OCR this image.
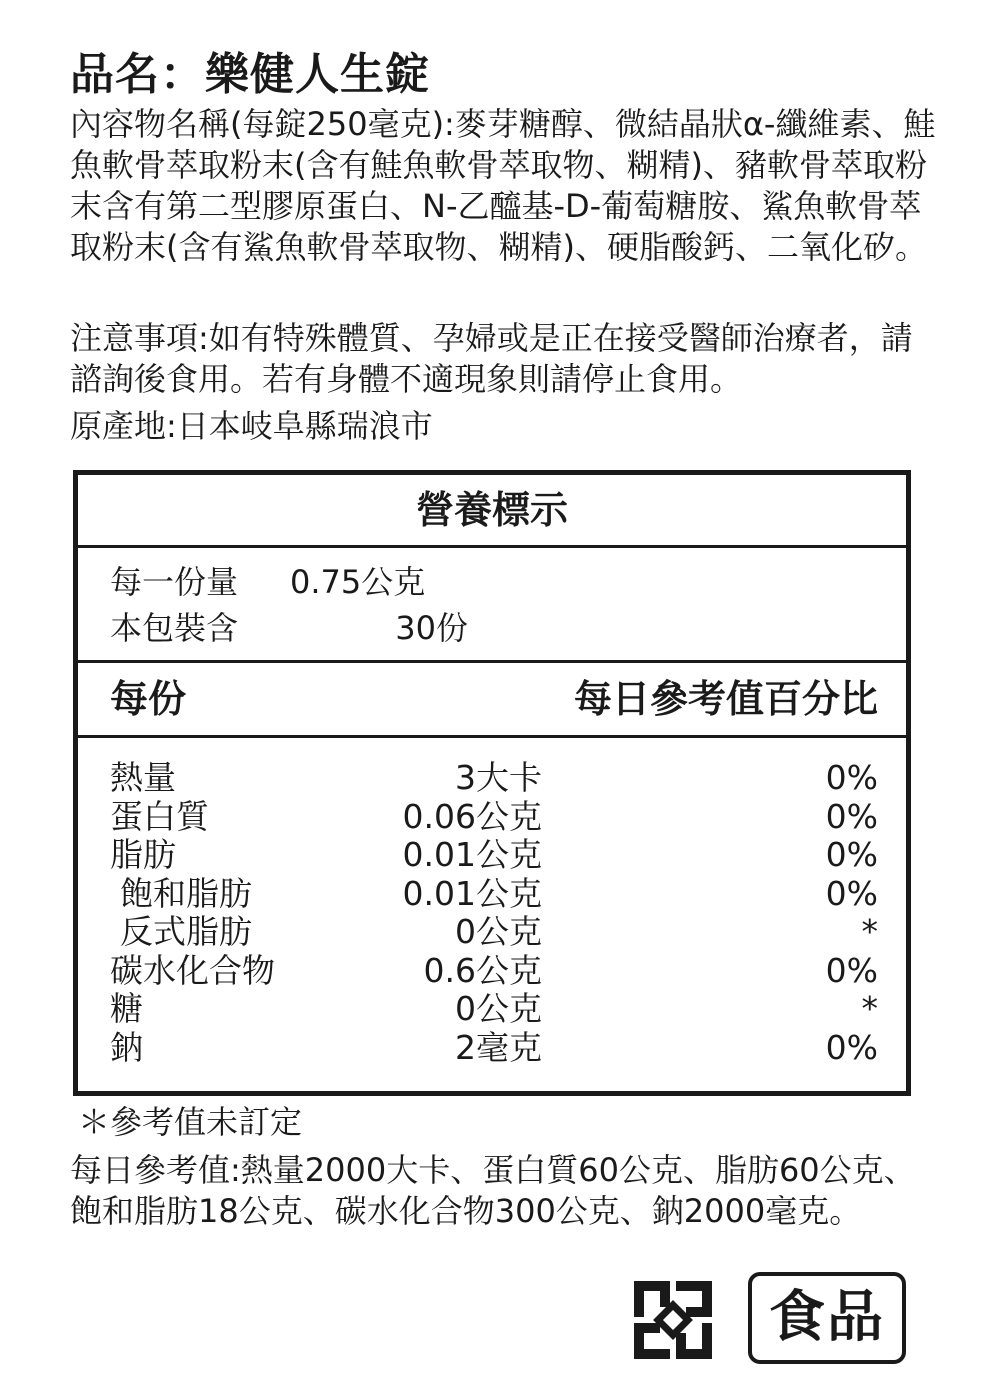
品名：樂健人生錠
內容物名稱(每錠250毫克):麥芽糖醇、微結晶狀α-纖維素、鮭魚軟骨萃取粉末(含有鮭魚軟骨萃取物、糊精)、豬軟骨萃取粉末含有第二型膠原蛋白、N-乙醯基-D-葡萄糖胺、鯊魚軟骨萃取粉末(含有鯊魚軟骨萃取物、糊精)、硬脂酸鈣、二氧化矽。
注意事項:如有特殊體質、孕婦或是正在接受醫師治療者，請諮詢後食用。若有身體不適現象則請停止食用。
原產地:日本岐阜縣瑞浪市
營養標示
每一份量 0.75公克
本包裝含	30份
每份	每日參考值百分比
熱量	3大卡	0%
蛋白質	0.06公克	0%
脂肪	0.01公克	0%
飽和脂肪	0.01公克	0%
反式脂肪	0公克	*
碳水化合物	0.6公克	0%
糖	0公克	*
鈉	2毫克	0%
＊參考值未訂定
每日參考值:熱量2000大卡、蛋白質60公克、脂肪60公克、飽和脂肪18公克、碳水化合物300公克、鈉2000毫克。
食品
